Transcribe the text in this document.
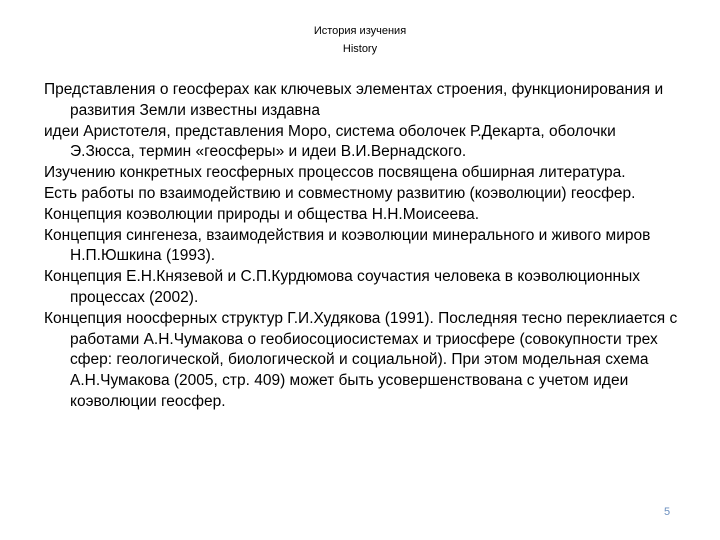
История изучения
History

Представления о геосферах как ключевых элементах строения, функционирования и развития Земли известны издавна

идеи Аристотеля, представления Моро, система оболочек Р.Декарта, оболочки Э.Зюсса, термин «геосферы» и идеи В.И.Вернадского.

Изучению конкретных геосферных процессов посвящена обширная литература.

Есть работы по взаимодействию и совместному развитию (коэволюции) геосфер.

Концепция коэволюции природы и общества Н.Н.Моисеева.

Концепция сингенеза, взаимодействия и коэволюции минерального и живого миров Н.П.Юшкина (1993).

Концепция Е.Н.Князевой и С.П.Курдюмова соучастия человека в коэволюционных процессах (2002).

Концепция ноосферных структур Г.И.Худякова (1991). Последняя тесно переклиается с работами А.Н.Чумакова о геобиосоциосистемах и триосфере (совокупности трех сфер: геологической, биологической и социальной). При этом модельная схема А.Н.Чумакова (2005, стр. 409) может быть усовершенствована с учетом идеи коэволюции геосфер.

5
